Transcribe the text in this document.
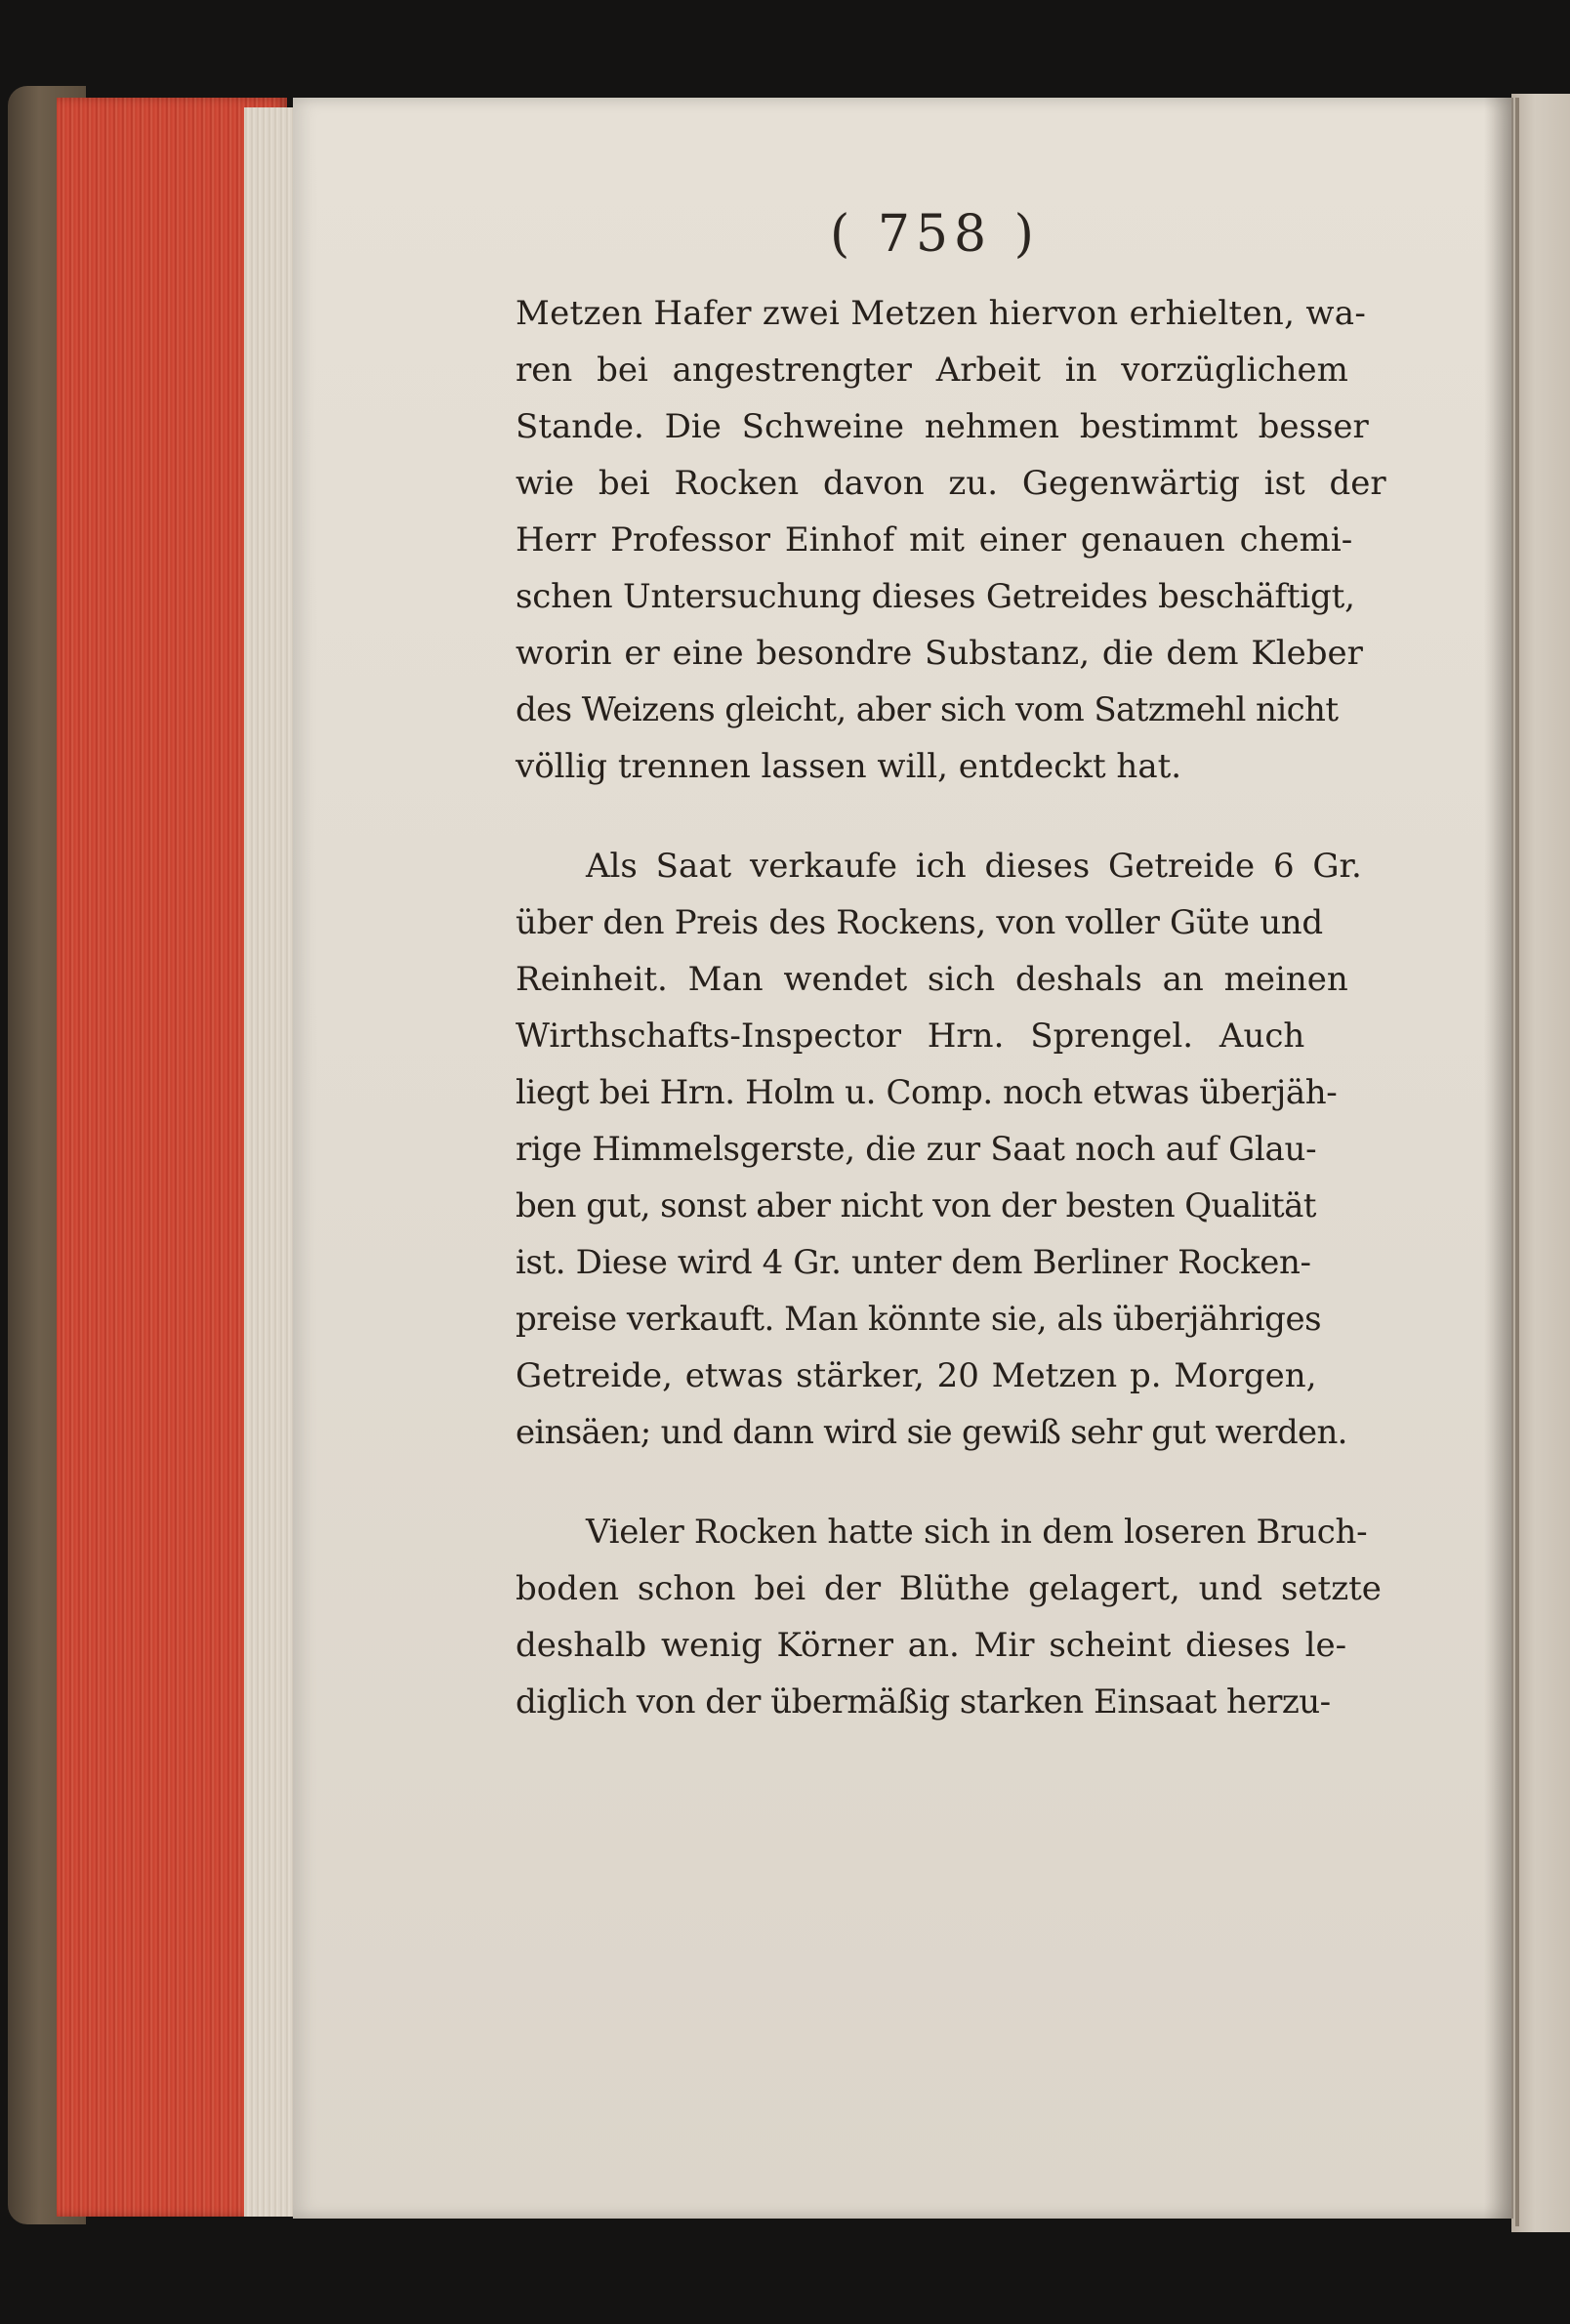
( 758 )
Metzen Hafer zwei Metzen hiervon erhielten, wa-
ren bei angestrengter Arbeit in vorzüglichem
Stande. Die Schweine nehmen bestimmt besser
wie bei Rocken davon zu. Gegenwärtig ist der
Herr Professor Einhof mit einer genauen chemi-
schen Untersuchung dieses Getreides beschäftigt,
worin er eine besondre Substanz, die dem Kleber
des Weizens gleicht, aber sich vom Satzmehl nicht
völlig trennen lassen will, entdeckt hat.
Als Saat verkaufe ich dieses Getreide 6 Gr.
über den Preis des Rockens, von voller Güte und
Reinheit. Man wendet sich deshals an meinen
Wirthschafts-Inspector Hrn. Sprengel. Auch
liegt bei Hrn. Holm u. Comp. noch etwas überjäh-
rige Himmelsgerste, die zur Saat noch auf Glau-
ben gut, sonst aber nicht von der besten Qualität
ist. Diese wird 4 Gr. unter dem Berliner Rocken-
preise verkauft. Man könnte sie, als überjähriges
Getreide, etwas stärker, 20 Metzen p. Morgen,
einsäen; und dann wird sie gewiß sehr gut werden.
Vieler Rocken hatte sich in dem loseren Bruch-
boden schon bei der Blüthe gelagert, und setzte
deshalb wenig Körner an. Mir scheint dieses le-
diglich von der übermäßig starken Einsaat herzu-
